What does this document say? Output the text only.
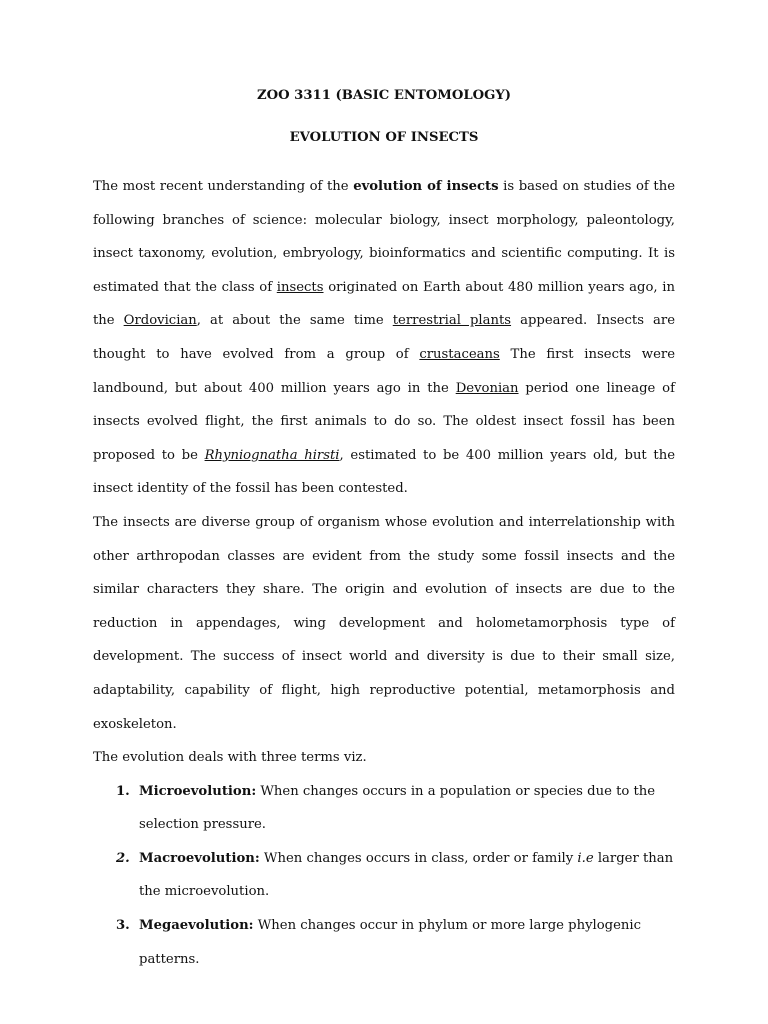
ZOO 3311 (BASIC ENTOMOLOGY)

EVOLUTION OF INSECTS

The most recent understanding of the evolution of insects is based on studies of the following branches of science: molecular biology, insect morphology, paleontology, insect taxonomy, evolution, embryology, bioinformatics and scientific computing. It is estimated that the class of insects originated on Earth about 480 million years ago, in the Ordovician, at about the same time terrestrial plants appeared. Insects are thought to have evolved from a group of crustaceans The first insects were landbound, but about 400 million years ago in the Devonian period one lineage of insects evolved flight, the first animals to do so. The oldest insect fossil has been proposed to be Rhyniognatha hirsti, estimated to be 400 million years old, but the insect identity of the fossil has been contested.

The insects are diverse group of organism whose evolution and interrelationship with other arthropodan classes are evident from the study some fossil insects and the similar characters they share. The origin and evolution of insects are due to the reduction in appendages, wing development and holometamorphosis type of development. The success of insect world and diversity is due to their small size, adaptability, capability of flight, high reproductive potential, metamorphosis and exoskeleton.

The evolution deals with three terms viz.

1. Microevolution: When changes occurs in a population or species due to the selection pressure.
2. Macroevolution: When changes occurs in class, order or family i.e larger than the microevolution.
3. Megaevolution: When changes occur in phylum or more large phylogenic patterns.
